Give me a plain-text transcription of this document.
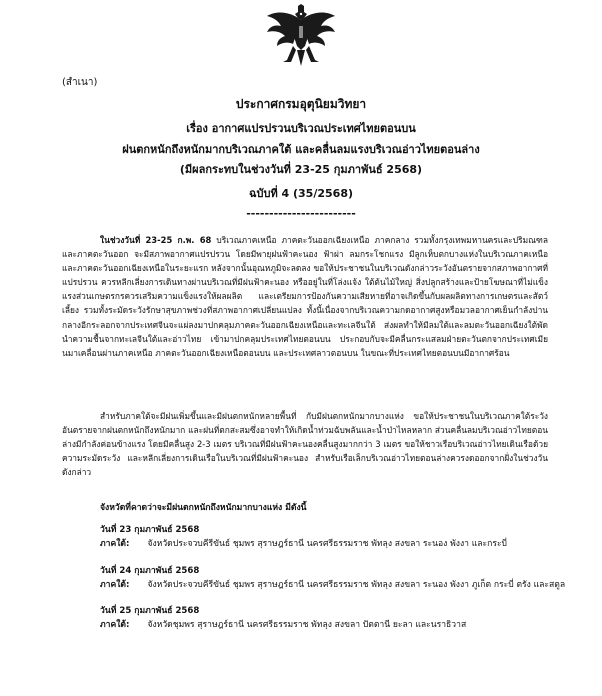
(สำเนา)
ประกาศกรมอุตุนิยมวิทยา
เรื่อง อากาศแปรปรวนบริเวณประเทศไทยตอนบน
ฝนตกหนักถึงหนักมากบริเวณภาคใต้ และคลื่นลมแรงบริเวณอ่าวไทยตอนล่าง
(มีผลกระทบในช่วงวันที่ 23-25 กุมภาพันธ์ 2568)
ฉบับที่ 4 (35/2568)
------------------------
ในช่วงวันที่ 23-25 ก.พ. 68 บริเวณภาคเหนือ ภาคตะวันออกเฉียงเหนือ ภาคกลาง รวมทั้งกรุงเทพมหานครและปริมณฑล และภาคตะวันออก จะมีสภาพอากาศแปรปรวน โดยมีพายุฝนฟ้าคะนอง ฟ้าผ่า ลมกระโชกแรง มีลูกเห็บตกบางแห่งในบริเวณภาคเหนือ และภาคตะวันออกเฉียงเหนือในระยะแรก หลังจากนั้นอุณหภูมิจะลดลง ขอให้ประชาชนในบริเวณดังกล่าวระวังอันตรายจากสภาพอากาศที่แปรปรวน ควรหลีกเลี่ยงการเดินทางผ่านบริเวณที่มีฝนฟ้าคะนอง หรืออยู่ในที่โล่งแจ้ง ใต้ต้นไม้ใหญ่ สิ่งปลูกสร้างและป้ายโฆษณาที่ไม่แข็งแรงส่วนเกษตรกรควรเสริมความแข็งแรงให้ผลผลิต และเตรียมการป้องกันความเสียหายที่อาจเกิดขึ้นกับผลผลิตทางการเกษตรและสัตว์เลี้ยง รวมทั้งระมัดระวังรักษาสุขภาพช่วงที่สภาพอากาศเปลี่ยนแปลง ทั้งนี้เนื่องจากบริเวณความกดอากาศสูงหรือมวลอากาศเย็นกำลังปานกลางอีกระลอกจากประเทศจีนจะแผ่ลงมาปกคลุมภาคตะวันออกเฉียงเหนือและทะเลจีนใต้ ส่งผลทำให้มีลมใต้และลมตะวันออกเฉียงใต้พัดนำความชื้นจากทะเลจีนใต้และอ่าวไทย เข้ามาปกคลุมประเทศไทยตอนบน ประกอบกับจะมีคลื่นกระแสลมฝ่ายตะวันตกจากประเทศเมียนมาเคลื่อนผ่านภาคเหนือ ภาคตะวันออกเฉียงเหนือตอนบน และประเทศลาวตอนบน ในขณะที่ประเทศไทยตอนบนมีอากาศร้อน
สำหรับภาคใต้จะมีฝนเพิ่มขึ้นและมีฝนตกหนักหลายพื้นที่ กับมีฝนตกหนักมากบางแห่ง ขอให้ประชาชนในบริเวณภาคใต้ระวังอันตรายจากฝนตกหนักถึงหนักมาก และฝนที่ตกสะสมซึ่งอาจทำให้เกิดน้ำท่วมฉับพลันและน้ำป่าไหลหลาก ส่วนคลื่นลมบริเวณอ่าวไทยตอนล่างมีกำลังค่อนข้างแรง โดยมีคลื่นสูง 2-3 เมตร บริเวณที่มีฝนฟ้าคะนองคลื่นสูงมากกว่า 3 เมตร ขอให้ชาวเรือบริเวณอ่าวไทยเดินเรือด้วยความระมัดระวัง และหลีกเลี่ยงการเดินเรือในบริเวณที่มีฝนฟ้าคะนอง สำหรับเรือเล็กบริเวณอ่าวไทยตอนล่างควรงดออกจากฝั่งในช่วงวันดังกล่าว
จังหวัดที่คาดว่าจะมีฝนตกหนักถึงหนักมากบางแห่ง มีดังนี้
วันที่ 23 กุมภาพันธ์ 2568
ภาคใต้: จังหวัดประจวบคีรีขันธ์ ชุมพร สุราษฎร์ธานี นครศรีธรรมราช พัทลุง สงขลา ระนอง พังงา และกระบี่
วันที่ 24 กุมภาพันธ์ 2568
ภาคใต้: จังหวัดประจวบคีรีขันธ์ ชุมพร สุราษฎร์ธานี นครศรีธรรมราช พัทลุง สงขลา ระนอง พังงา ภูเก็ต กระบี่ ตรัง และสตูล
วันที่ 25 กุมภาพันธ์ 2568
ภาคใต้: จังหวัดชุมพร สุราษฎร์ธานี นครศรีธรรมราช พัทลุง สงขลา ปัตตานี ยะลา และนราธิวาส
